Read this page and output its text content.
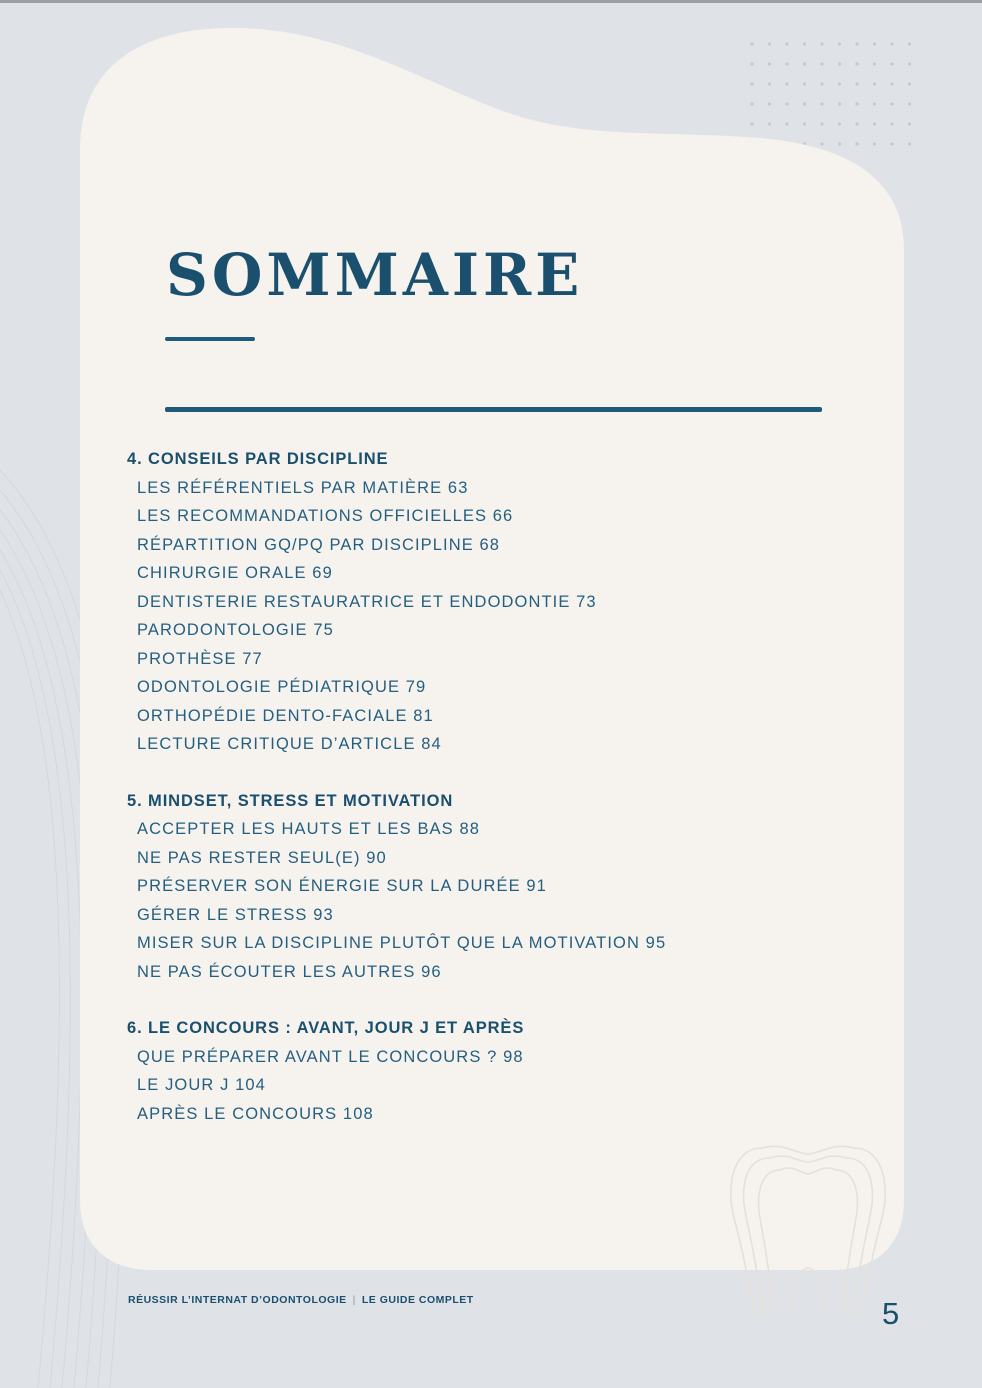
SOMMAIRE
4. CONSEILS PAR DISCIPLINE
LES RÉFÉRENTIELS PAR MATIÈRE 63
LES RECOMMANDATIONS OFFICIELLES 66
RÉPARTITION GQ/PQ PAR DISCIPLINE 68
CHIRURGIE ORALE 69
DENTISTERIE RESTAURATRICE ET ENDODONTIE 73
PARODONTOLOGIE 75
PROTHÈSE 77
ODONTOLOGIE PÉDIATRIQUE 79
ORTHOPÉDIE DENTO-FACIALE 81
LECTURE CRITIQUE D’ARTICLE 84
5. MINDSET, STRESS ET MOTIVATION
ACCEPTER LES HAUTS ET LES BAS 88
NE PAS RESTER SEUL(E) 90
PRÉSERVER SON ÉNERGIE SUR LA DURÉE 91
GÉRER LE STRESS 93
MISER SUR LA DISCIPLINE PLUTÔT QUE LA MOTIVATION 95
NE PAS ÉCOUTER LES AUTRES 96
6. LE CONCOURS : AVANT, JOUR J ET APRÈS
QUE PRÉPARER AVANT LE CONCOURS ? 98
LE JOUR J 104
APRÈS LE CONCOURS 108
RÉUSSIR L’INTERNAT D’ODONTOLOGIE | LE GUIDE COMPLET	5
